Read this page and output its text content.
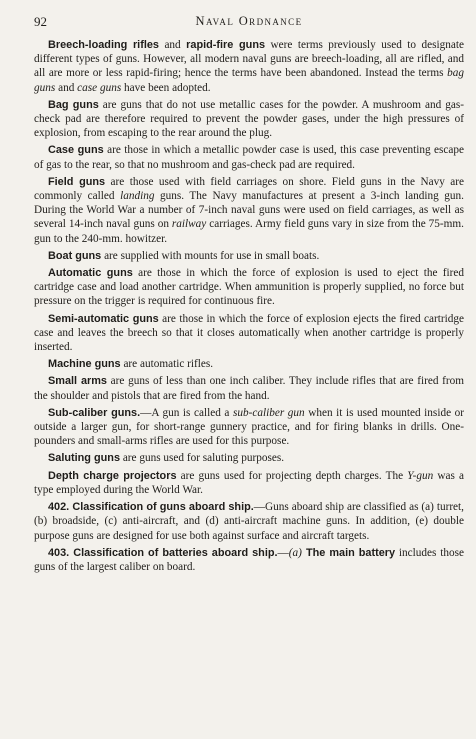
92	Naval Ordnance

Breech-loading rifles and rapid-fire guns were terms previously used to designate different types of guns. However, all modern naval guns are breech-loading, all are rifled, and all are more or less rapid-firing; hence the terms have been abandoned. Instead the terms bag guns and case guns have been adopted.

Bag guns are guns that do not use metallic cases for the powder. A mushroom and gas-check pad are therefore required to prevent the powder gases, under the high pressures of explosion, from escaping to the rear around the plug.

Case guns are those in which a metallic powder case is used, this case preventing escape of gas to the rear, so that no mushroom and gas-check pad are required.

Field guns are those used with field carriages on shore. Field guns in the Navy are commonly called landing guns. The Navy manufactures at present a 3-inch landing gun. During the World War a number of 7-inch naval guns were used on field carriages, as well as several 14-inch naval guns on railway carriages. Army field guns vary in size from the 75-mm. gun to the 240-mm. howitzer.

Boat guns are supplied with mounts for use in small boats.

Automatic guns are those in which the force of explosion is used to eject the fired cartridge case and load another cartridge. When ammunition is properly supplied, no force but pressure on the trigger is required for continuous fire.

Semi-automatic guns are those in which the force of explosion ejects the fired cartridge case and leaves the breech so that it closes automatically when another cartridge is properly inserted.

Machine guns are automatic rifles.

Small arms are guns of less than one inch caliber. They include rifles that are fired from the shoulder and pistols that are fired from the hand.

Sub-caliber guns.—A gun is called a sub-caliber gun when it is used mounted inside or outside a larger gun, for short-range gunnery practice, and for firing blanks in drills. One-pounders and small-arms rifles are used for this purpose.

Saluting guns are guns used for saluting purposes.

Depth charge projectors are guns used for projecting depth charges. The Y-gun was a type employed during the World War.

402. Classification of guns aboard ship.—Guns aboard ship are classified as (a) turret, (b) broadside, (c) anti-aircraft, and (d) anti-aircraft machine guns. In addition, (e) double purpose guns are designed for use both against surface and aircraft targets.

403. Classification of batteries aboard ship.—(a) The main battery includes those guns of the largest caliber on board.
